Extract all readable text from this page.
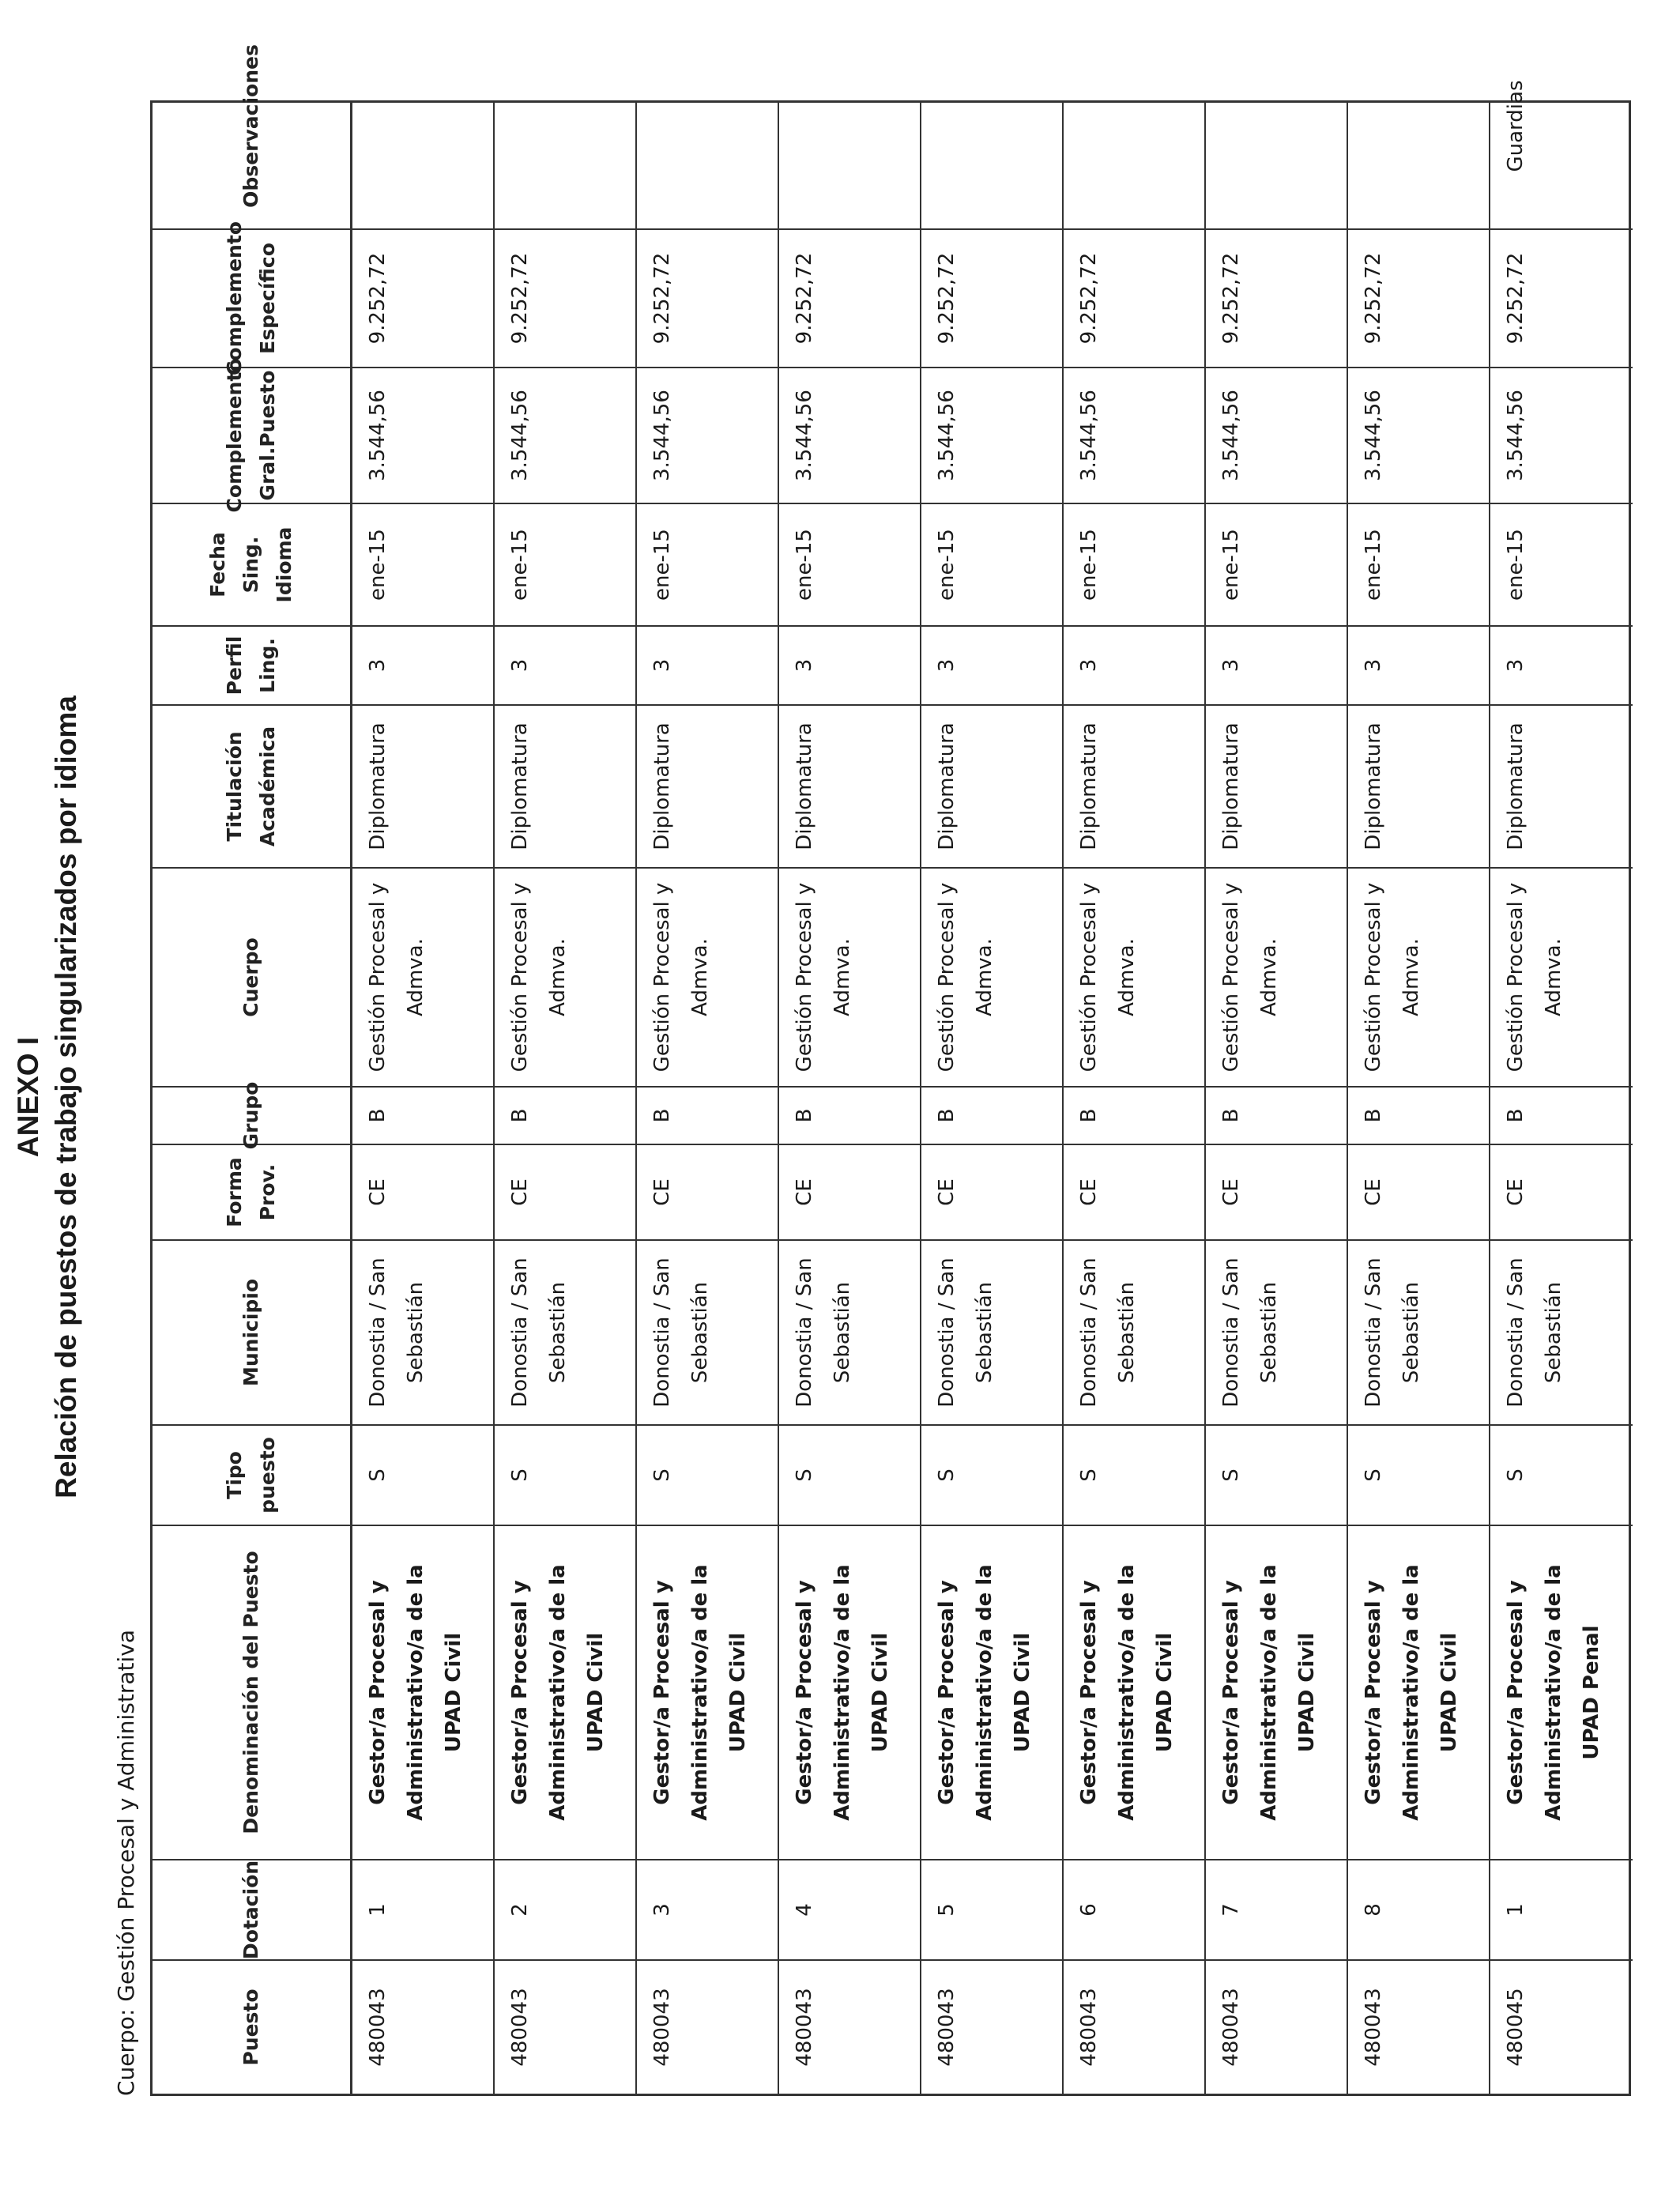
ANEXO I Relación de puestos de trabajo singularizados por idioma
Cuerpo: Gestión Procesal y Administrativa	Puesto
Dotación
Denominación del Puesto
Tipo puesto
Municipio
Forma Prov.
Grupo
Cuerpo
Titulación Académica
Perfil Ling.
Fecha Sing. Idioma
Complemento Gral.Puesto
Complemento Específico
Observaciones
480043
1
Gestor/a Procesal y Administrativo/a de la UPAD Civil
S
Donostia / San Sebastián
CE
B
Gestión Procesal y Admva.
Diplomatura
3
ene-15
3.544,56
9.252,72
480043
2
Gestor/a Procesal y Administrativo/a de la UPAD Civil
S
Donostia / San Sebastián
CE
B
Gestión Procesal y Admva.
Diplomatura
3
ene-15
3.544,56
9.252,72
480043
3
Gestor/a Procesal y Administrativo/a de la UPAD Civil
S
Donostia / San Sebastián
CE
B
Gestión Procesal y Admva.
Diplomatura
3
ene-15
3.544,56
9.252,72
480043
4
Gestor/a Procesal y Administrativo/a de la UPAD Civil
S
Donostia / San Sebastián
CE
B
Gestión Procesal y Admva.
Diplomatura
3
ene-15
3.544,56
9.252,72
480043
5
Gestor/a Procesal y Administrativo/a de la UPAD Civil
S
Donostia / San Sebastián
CE
B
Gestión Procesal y Admva.
Diplomatura
3
ene-15
3.544,56
9.252,72
480043
6
Gestor/a Procesal y Administrativo/a de la UPAD Civil
S
Donostia / San Sebastián
CE
B
Gestión Procesal y Admva.
Diplomatura
3
ene-15
3.544,56
9.252,72
480043
7
Gestor/a Procesal y Administrativo/a de la UPAD Civil
S
Donostia / San Sebastián
CE
B
Gestión Procesal y Admva.
Diplomatura
3
ene-15
3.544,56
9.252,72
480043
8
Gestor/a Procesal y Administrativo/a de la UPAD Civil
S
Donostia / San Sebastián
CE
B
Gestión Procesal y Admva.
Diplomatura
3
ene-15
3.544,56
9.252,72
480045
1
Gestor/a Procesal y Administrativo/a de la UPAD Penal
S
Donostia / San Sebastián
CE
B
Gestión Procesal y Admva.
Diplomatura
3
ene-15
3.544,56
9.252,72
Guardias
